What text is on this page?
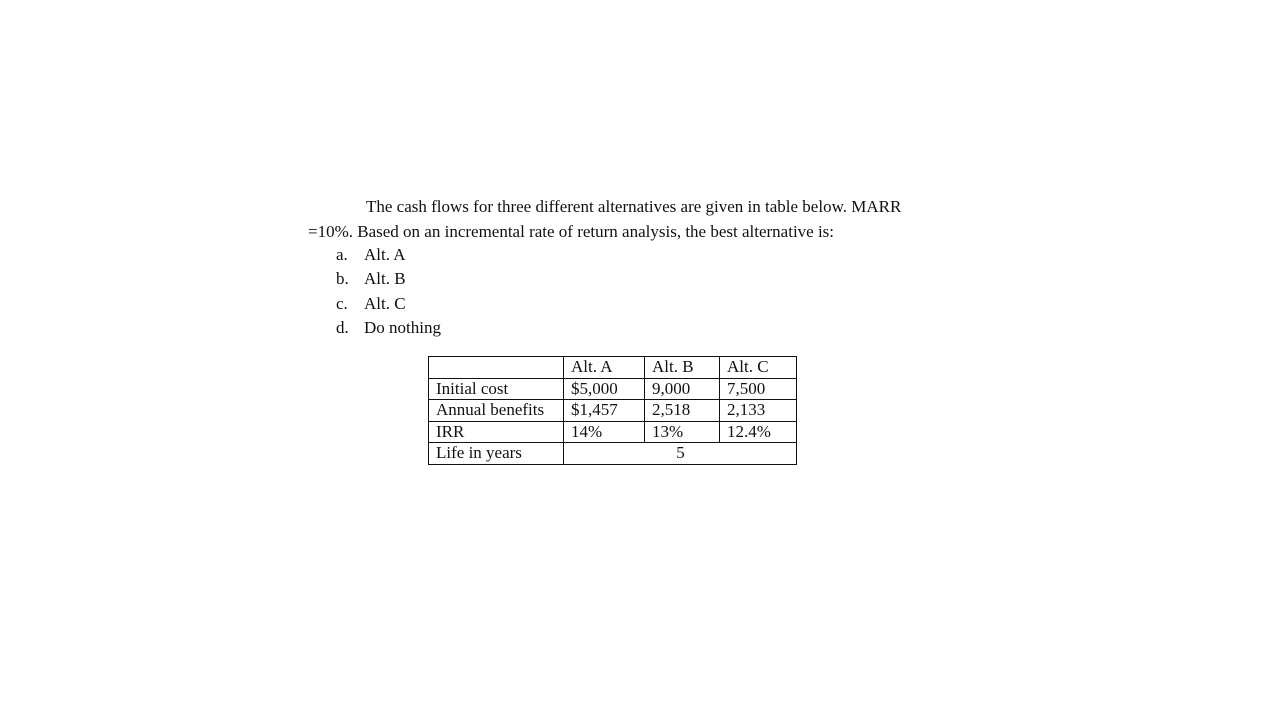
The cash flows for three different alternatives are given in table below. MARR
=10%. Based on an incremental rate of return analysis, the best alternative is:
a. Alt. A
b. Alt. B
c. Alt. C
d. Do nothing
	Alt. A	Alt. B	Alt. C
Initial cost	$5,000	9,000	7,500
Annual benefits	$1,457	2,518	2,133
IRR	14%	13%	12.4%
Life in years	5		
